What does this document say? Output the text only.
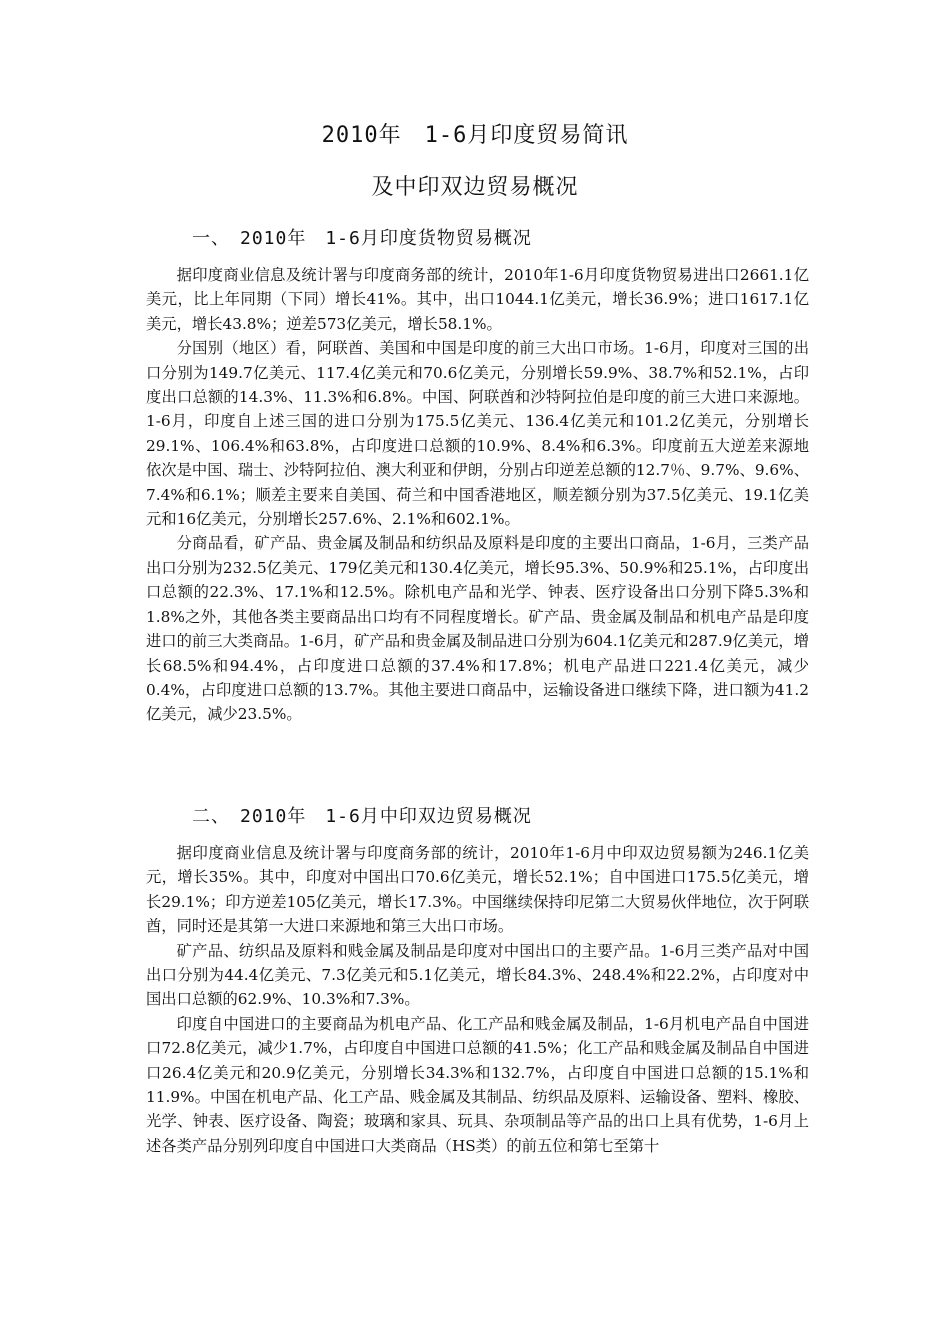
2010年　1-6月印度贸易简讯
及中印双边贸易概况
一、　2010年　1-6月印度货物贸易概况

据印度商业信息及统计署与印度商务部的统计，2010年1-6月印度货物贸易进出口2661.1亿美元，比上年同期（下同）增长41%。其中，出口1044.1亿美元，增长36.9%；进口1617.1亿美元，增长43.8%；逆差573亿美元，增长58.1%。

分国别（地区）看，阿联酋、美国和中国是印度的前三大出口市场。1-6月，印度对三国的出口分别为149.7亿美元、117.4亿美元和70.6亿美元，分别增长59.9%、38.7%和52.1%，占印度出口总额的14.3%、11.3%和6.8%。中国、阿联酋和沙特阿拉伯是印度的前三大进口来源地。1-6月，印度自上述三国的进口分别为175.5亿美元、136.4亿美元和101.2亿美元，分别增长29.1%、106.4%和63.8%，占印度进口总额的10.9%、8.4%和6.3%。印度前五大逆差来源地依次是中国、瑞士、沙特阿拉伯、澳大利亚和伊朗，分别占印逆差总额的12.7％、9.7%、9.6%、7.4%和6.1%；顺差主要来自美国、荷兰和中国香港地区，顺差额分别为37.5亿美元、19.1亿美元和16亿美元，分别增长257.6%、2.1%和602.1%。

分商品看，矿产品、贵金属及制品和纺织品及原料是印度的主要出口商品，1-6月，三类产品出口分别为232.5亿美元、179亿美元和130.4亿美元，增长95.3%、50.9%和25.1%，占印度出口总额的22.3%、17.1%和12.5%。除机电产品和光学、钟表、医疗设备出口分别下降5.3%和1.8%之外，其他各类主要商品出口均有不同程度增长。矿产品、贵金属及制品和机电产品是印度进口的前三大类商品。1-6月，矿产品和贵金属及制品进口分别为604.1亿美元和287.9亿美元，增长68.5%和94.4%，占印度进口总额的37.4%和17.8%；机电产品进口221.4亿美元，减少0.4%，占印度进口总额的13.7%。其他主要进口商品中，运输设备进口继续下降，进口额为41.2亿美元，减少23.5%。

二、　2010年　1-6月中印双边贸易概况

据印度商业信息及统计署与印度商务部的统计，2010年1-6月中印双边贸易额为246.1亿美元，增长35%。其中，印度对中国出口70.6亿美元，增长52.1%；自中国进口175.5亿美元，增长29.1%；印方逆差105亿美元，增长17.3%。中国继续保持印尼第二大贸易伙伴地位，次于阿联酋，同时还是其第一大进口来源地和第三大出口市场。

矿产品、纺织品及原料和贱金属及制品是印度对中国出口的主要产品。1-6月三类产品对中国出口分别为44.4亿美元、7.3亿美元和5.1亿美元，增长84.3%、248.4%和22.2%，占印度对中国出口总额的62.9%、10.3%和7.3%。

印度自中国进口的主要商品为机电产品、化工产品和贱金属及制品，1-6月机电产品自中国进口72.8亿美元，减少1.7%，占印度自中国进口总额的41.5%；化工产品和贱金属及制品自中国进口26.4亿美元和20.9亿美元，分别增长34.3%和132.7%，占印度自中国进口总额的15.1%和11.9%。中国在机电产品、化工产品、贱金属及其制品、纺织品及原料、运输设备、塑料、橡胶、光学、钟表、医疗设备、陶瓷；玻璃和家具、玩具、杂项制品等产品的出口上具有优势，1-6月上述各类产品分别列印度自中国进口大类商品（HS类）的前五位和第七至第十
